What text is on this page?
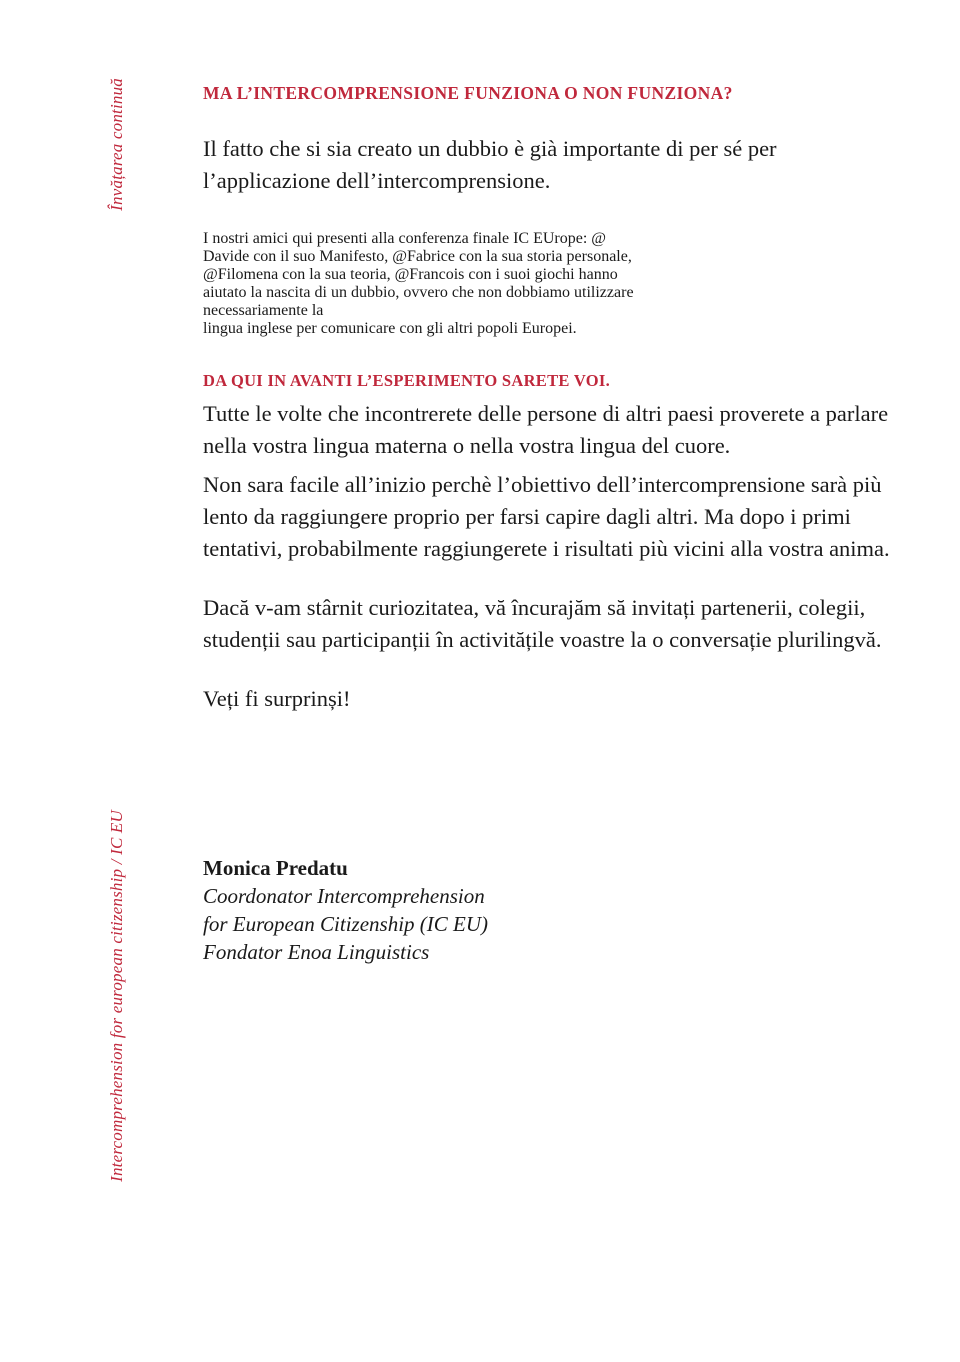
Învățarea continuă
Intercomprehension for european citizenship / IC EU
MA L’INTERCOMPRENSIONE FUNZIONA O NON FUNZIONA?

Il fatto che si sia creato un dubbio è già importante di per sé per l’applicazione dell’intercomprensione.

I nostri amici qui presenti alla conferenza finale IC EUrope: @
Davide con il suo Manifesto, @Fabrice con la sua storia personale,
@Filomena con la sua teoria, @Francois con i suoi giochi hanno
aiutato la nascita di un dubbio, ovvero che non dobbiamo utilizzare
necessariamente la
lingua inglese per comunicare con gli altri popoli Europei.
DA QUI IN AVANTI L’ESPERIMENTO SARETE VOI.

Tutte le volte che incontrerete delle persone di altri paesi proverete a parlare nella vostra lingua materna o nella vostra lingua del cuore.

Non sara facile all’inizio perchè l’obiettivo dell’intercomprensione sarà più lento da raggiungere proprio per farsi capire dagli altri. Ma dopo i primi tentativi, probabilmente raggiungerete i risultati più vicini alla vostra anima.

Dacă v-am stârnit curiozitatea, vă încurajăm să invitați partenerii, colegii, studenții sau participanții în activitățile voastre la o conversație plurilingvă.

Veți fi surprinși!

Monica Predatu
Coordonator Intercomprehension
for European Citizenship (IC EU)
Fondator Enoa Linguistics
